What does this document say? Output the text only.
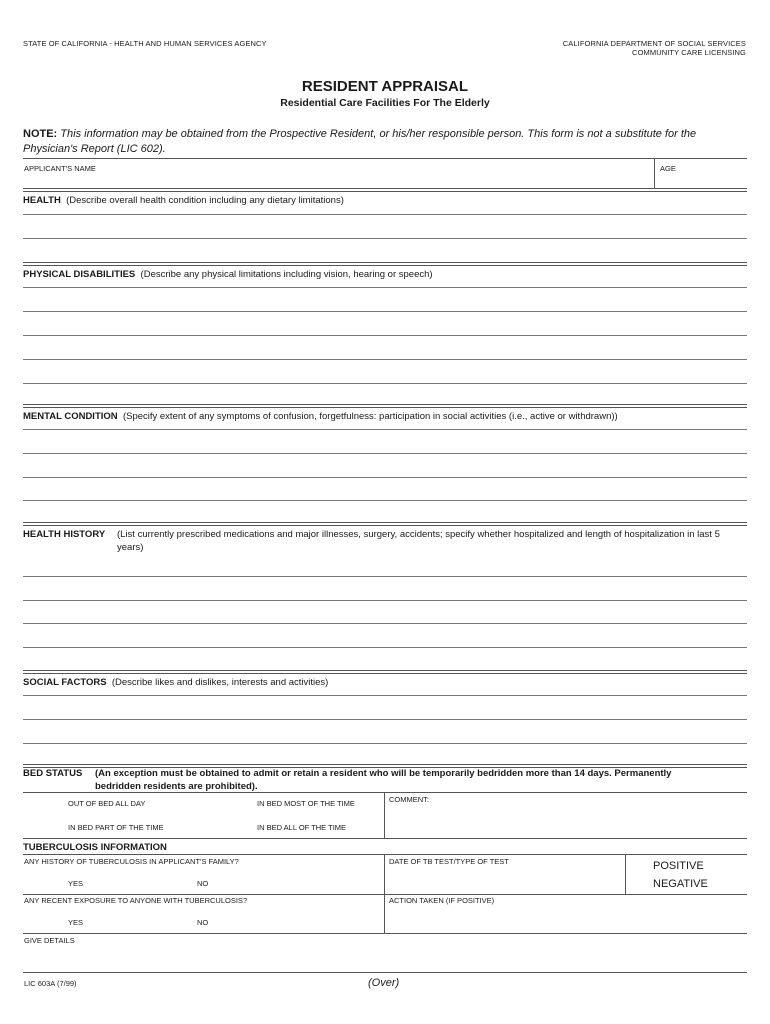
STATE OF CALIFORNIA - HEALTH AND HUMAN SERVICES AGENCY	CALIFORNIA DEPARTMENT OF SOCIAL SERVICES
COMMUNITY CARE LICENSING
RESIDENT APPRAISAL
Residential Care Facilities For The Elderly
NOTE: This information may be obtained from the Prospective Resident, or his/her responsible person. This form is not a substitute for the Physician's Report (LIC 602).
APPLICANT'S NAME	AGE
HEALTH (Describe overall health condition including any dietary limitations)
PHYSICAL DISABILITIES (Describe any physical limitations including vision, hearing or speech)
MENTAL CONDITION (Specify extent of any symptoms of confusion, forgetfulness: participation in social activities (i.e., active or withdrawn))
HEALTH HISTORY (List currently prescribed medications and major illnesses, surgery, accidents; specify whether hospitalized and length of hospitalization in last 5 years)
SOCIAL FACTORS (Describe likes and dislikes, interests and activities)
BED STATUS (An exception must be obtained to admit or retain a resident who will be temporarily bedridden more than 14 days. Permanently bedridden residents are prohibited).
OUT OF BED ALL DAY	IN BED MOST OF THE TIME	COMMENT:
IN BED PART OF THE TIME	IN BED ALL OF THE TIME
TUBERCULOSIS INFORMATION
ANY HISTORY OF TUBERCULOSIS IN APPLICANT'S FAMILY?	DATE OF TB TEST/TYPE OF TEST	POSITIVE
YES	NO	NEGATIVE
ANY RECENT EXPOSURE TO ANYONE WITH TUBERCULOSIS?	ACTION TAKEN (IF POSITIVE)
YES	NO
GIVE DETAILS
LIC 603A (7/99)	(Over)
